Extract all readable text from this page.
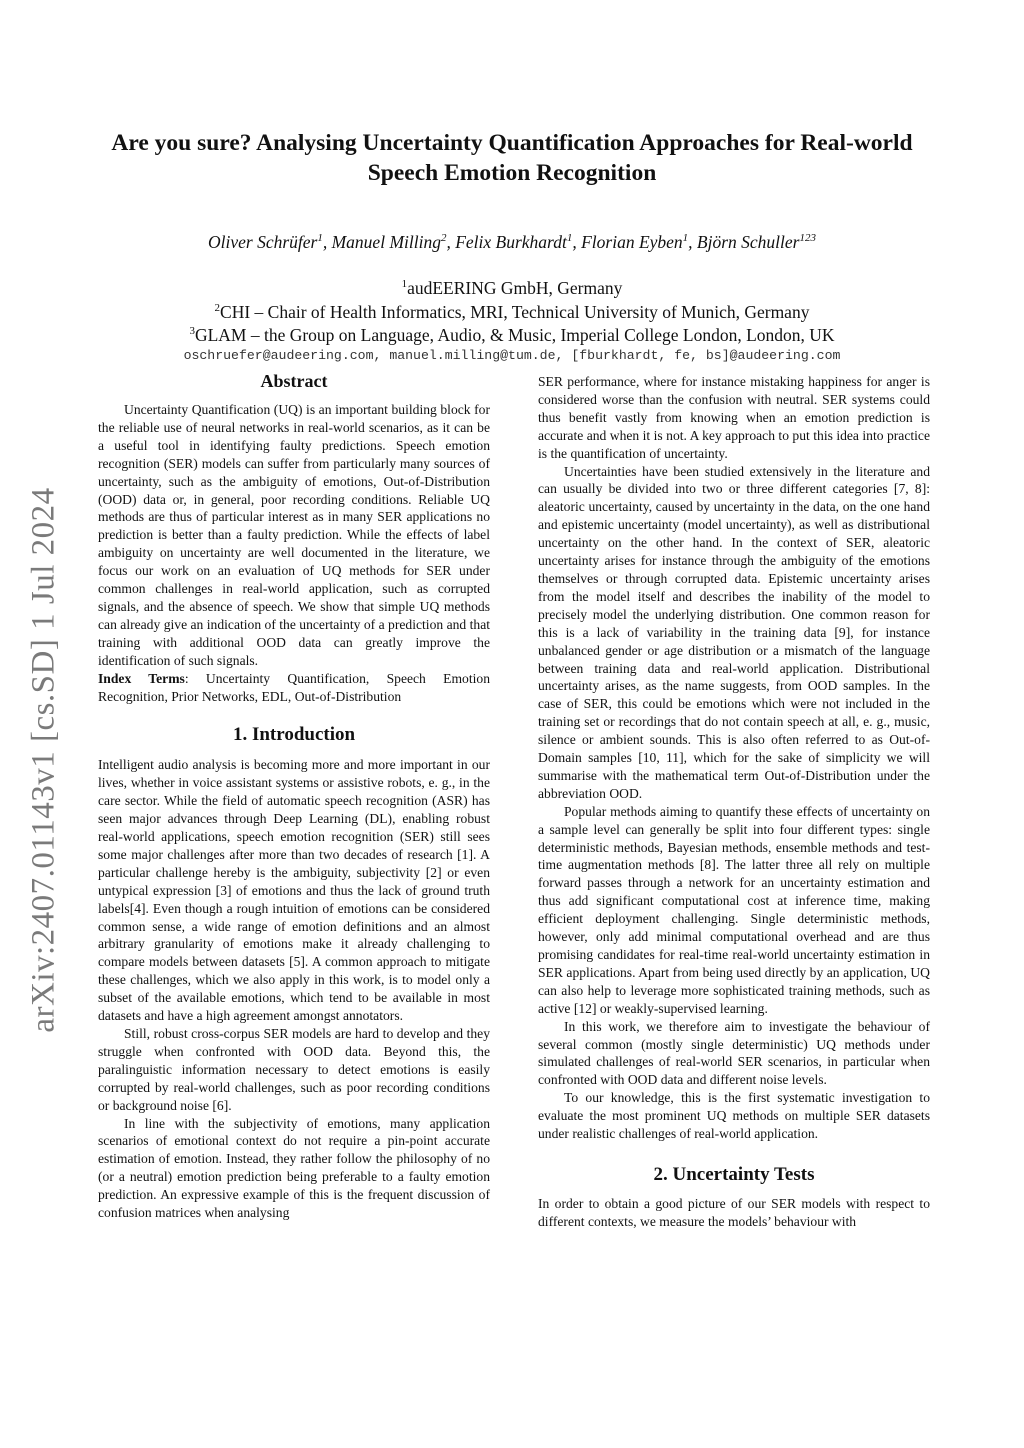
arXiv:2407.01143v1 [cs.SD] 1 Jul 2024
Are you sure? Analysing Uncertainty Quantification Approaches for Real-world
Speech Emotion Recognition
Oliver Schrüfer$^1$, Manuel Milling$^2$, Felix Burkhardt$^1$, Florian Eyben$^1$, Björn Schuller$^{123}$
$^1$audEERING GmbH, Germany
$^2$CHI – Chair of Health Informatics, MRI, Technical University of Munich, Germany
$^3$GLAM – the Group on Language, Audio, & Music, Imperial College London, London, UK
oschruefer@audeering.com, manuel.milling@tum.de, [fburkhardt, fe, bs]@audeering.com
Abstract

Uncertainty Quantification (UQ) is an important building block for the reliable use of neural networks in real-world scenarios, as it can be a useful tool in identifying faulty predictions. Speech emotion recognition (SER) models can suffer from particularly many sources of uncertainty, such as the ambiguity of emotions, Out-of-Distribution (OOD) data or, in general, poor recording conditions. Reliable UQ methods are thus of particular interest as in many SER applications no prediction is better than a faulty prediction. While the effects of label ambiguity on uncertainty are well documented in the literature, we focus our work on an evaluation of UQ methods for SER under common challenges in real-world application, such as corrupted signals, and the absence of speech. We show that simple UQ methods can already give an indication of the uncertainty of a prediction and that training with additional OOD data can greatly improve the identification of such signals.

Index Terms: Uncertainty Quantification, Speech Emotion Recognition, Prior Networks, EDL, Out-of-Distribution

1. Introduction

Intelligent audio analysis is becoming more and more important in our lives, whether in voice assistant systems or assistive robots, e. g., in the care sector. While the field of automatic speech recognition (ASR) has seen major advances through Deep Learning (DL), enabling robust real-world applications, speech emotion recognition (SER) still sees some major challenges after more than two decades of research [1]. A particular challenge hereby is the ambiguity, subjectivity [2] or even untypical expression [3] of emotions and thus the lack of ground truth labels[4]. Even though a rough intuition of emotions can be considered common sense, a wide range of emotion definitions and an almost arbitrary granularity of emotions make it already challenging to compare models between datasets [5]. A common approach to mitigate these challenges, which we also apply in this work, is to model only a subset of the available emotions, which tend to be available in most datasets and have a high agreement amongst annotators.

Still, robust cross-corpus SER models are hard to develop and they struggle when confronted with OOD data. Beyond this, the paralinguistic information necessary to detect emotions is easily corrupted by real-world challenges, such as poor recording conditions or background noise [6].

In line with the subjectivity of emotions, many application scenarios of emotional context do not require a pin-point accurate estimation of emotion. Instead, they rather follow the philosophy of no (or a neutral) emotion prediction being preferable to a faulty emotion prediction. An expressive example of this is the frequent discussion of confusion matrices when analysing

SER performance, where for instance mistaking happiness for anger is considered worse than the confusion with neutral. SER systems could thus benefit vastly from knowing when an emotion prediction is accurate and when it is not. A key approach to put this idea into practice is the quantification of uncertainty.

Uncertainties have been studied extensively in the literature and can usually be divided into two or three different categories [7, 8]: aleatoric uncertainty, caused by uncertainty in the data, on the one hand and epistemic uncertainty (model uncertainty), as well as distributional uncertainty on the other hand. In the context of SER, aleatoric uncertainty arises for instance through the ambiguity of the emotions themselves or through corrupted data. Epistemic uncertainty arises from the model itself and describes the inability of the model to precisely model the underlying distribution. One common reason for this is a lack of variability in the training data [9], for instance unbalanced gender or age distribution or a mismatch of the language between training data and real-world application. Distributional uncertainty arises, as the name suggests, from OOD samples. In the case of SER, this could be emotions which were not included in the training set or recordings that do not contain speech at all, e. g., music, silence or ambient sounds. This is also often referred to as Out-of-Domain samples [10, 11], which for the sake of simplicity we will summarise with the mathematical term Out-of-Distribution under the abbreviation OOD.

Popular methods aiming to quantify these effects of uncertainty on a sample level can generally be split into four different types: single deterministic methods, Bayesian methods, ensemble methods and test-time augmentation methods [8]. The latter three all rely on multiple forward passes through a network for an uncertainty estimation and thus add significant computational cost at inference time, making efficient deployment challenging. Single deterministic methods, however, only add minimal computational overhead and are thus promising candidates for real-time real-world uncertainty estimation in SER applications. Apart from being used directly by an application, UQ can also help to leverage more sophisticated training methods, such as active [12] or weakly-supervised learning.

In this work, we therefore aim to investigate the behaviour of several common (mostly single deterministic) UQ methods under simulated challenges of real-world SER scenarios, in particular when confronted with OOD data and different noise levels.

To our knowledge, this is the first systematic investigation to evaluate the most prominent UQ methods on multiple SER datasets under realistic challenges of real-world application.

2. Uncertainty Tests

In order to obtain a good picture of our SER models with respect to different contexts, we measure the models’ behaviour with
